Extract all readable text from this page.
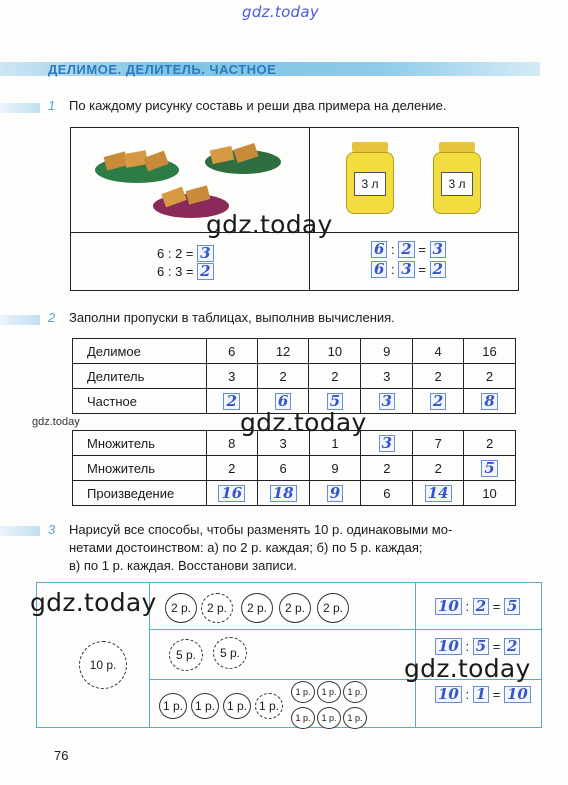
gdz.today
ДЕЛИМОЕ. ДЕЛИТЕЛЬ. ЧАСТНОЕ
1 По каждому рисунку составь и реши два примера на деление.
3 л	3 л
6 : 2 = 3
6 : 3 = 2
6 : 2 = 3
6 : 3 = 2
gdz.today
2 Заполни пропуски в таблицах, выполнив вычисления.
Делимое	6	12	10	9	4	16
Делитель	3	2	2	3	2	2
Частное	2	6	5	3	2	8
gdz.today	gdz.today
Множитель	8	3	1	3	7	2
Множитель	2	6	9	2	2	5
Произведение	16	18	9	6	14	10
3 Нарисуй все способы, чтобы разменять 10 р. одинаковыми мо-
нетами достоинством: а) по 2 р. каждая; б) по 5 р. каждая;
в) по 1 р. каждая. Восстанови записи.
10 р.
2 р.	2 р.	2 р.	2 р.	2 р.
5 р.	5 р.
1 р. 1 р. 1 р. 1 р.
1 р.	1 р.	1 р.
1 р.	1 р.	1 р.
10 : 2 = 5
10 : 5 = 2
10 : 1 = 10
gdz.today
gdz.today
76
